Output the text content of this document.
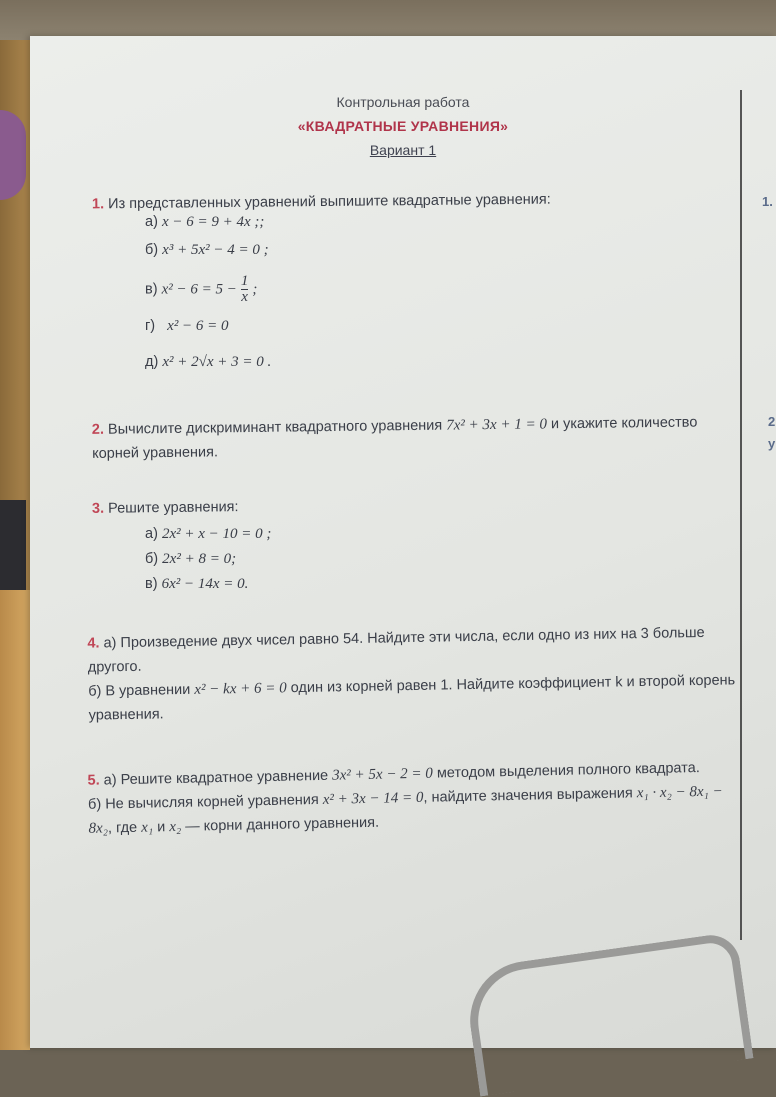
1.
2
у
Контрольная работа
«КВАДРАТНЫЕ УРАВНЕНИЯ»
Вариант 1
1. Из представленных уравнений выпишите квадратные уравнения:
а) x − 6 = 9 + 4x ;;
б) x³ + 5x² − 4 = 0 ;
в) $x^2 - 6 = 5 - \frac{1}{x}$ ;
г) x² − 6 = 0
д) x² + 2√x + 3 = 0 .
2. Вычислите дискриминант квадратного уравнения 7x² + 3x + 1 = 0 и укажите количество корней уравнения.
3. Решите уравнения:
а) 2x² + x − 10 = 0 ;
б) 2x² + 8 = 0;
в) 6x² − 14x = 0.
4. а) Произведение двух чисел равно 54. Найдите эти числа, если одно из них на 3 больше другого.
б) В уравнении x² − kx + 6 = 0 один из корней равен 1. Найдите коэффициент k и второй корень уравнения.
5. а) Решите квадратное уравнение 3x² + 5x − 2 = 0 методом выделения полного квадрата.
б) Не вычисляя корней уравнения x² + 3x − 14 = 0, найдите значения выражения x₁ · x₂ − 8x₁ − 8x₂, где x₁ и x₂ — корни данного уравнения.
